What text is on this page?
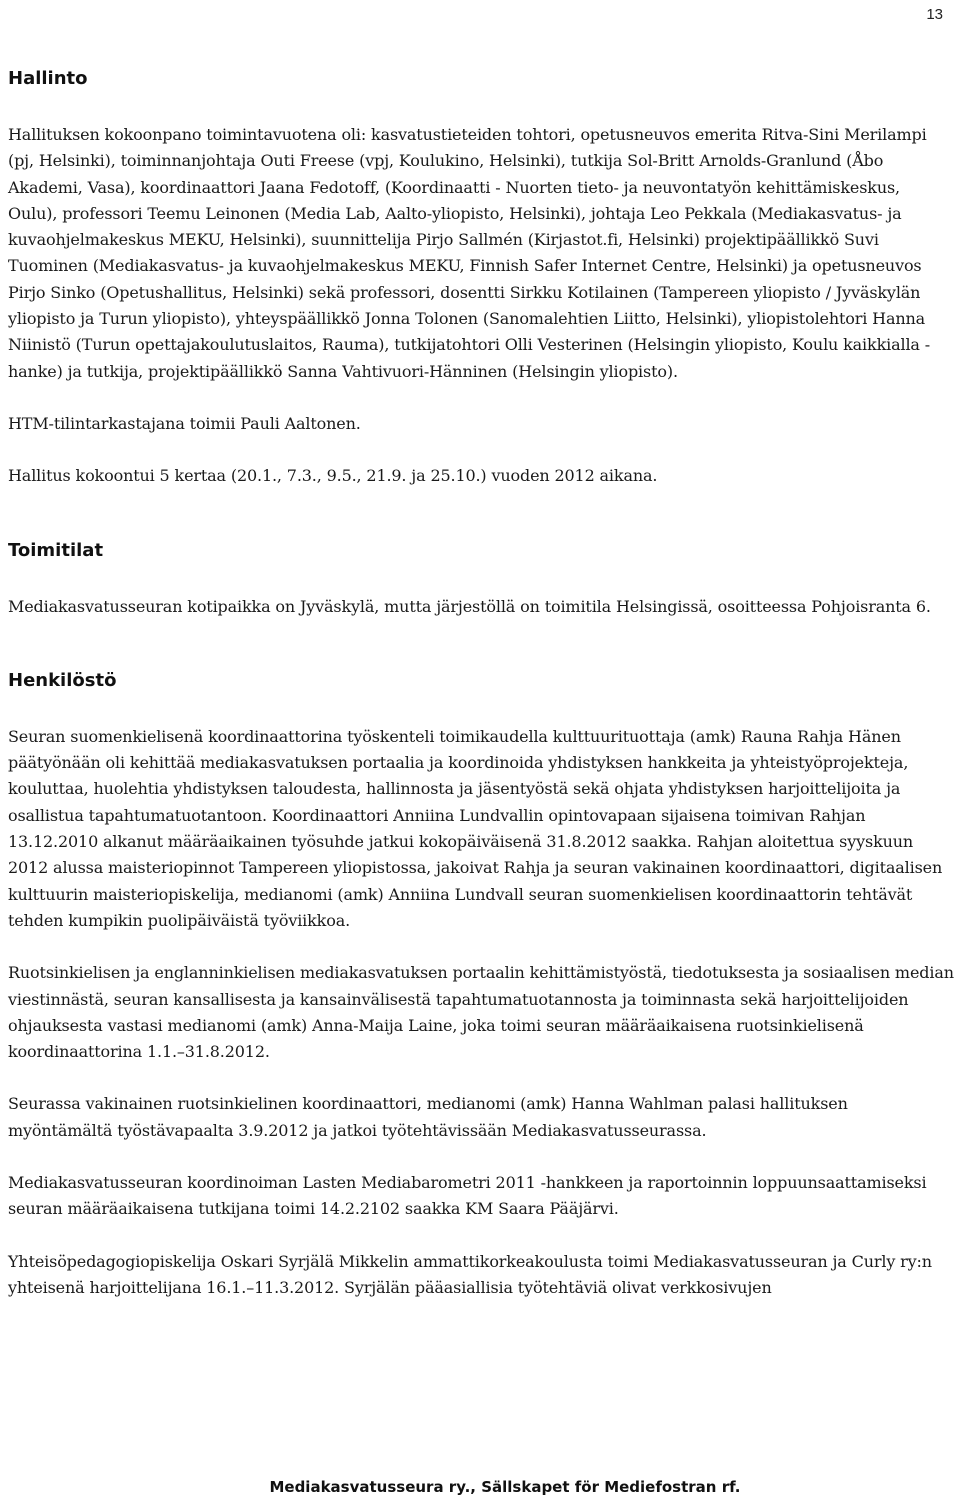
13
Hallinto

Hallituksen kokoonpano toimintavuotena oli: kasvatustieteiden tohtori, opetusneuvos emerita Ritva-Sini Merilampi (pj, Helsinki), toiminnanjohtaja Outi Freese (vpj, Koulukino, Helsinki), tutkija Sol-Britt Arnolds-Granlund (Åbo Akademi, Vasa), koordinaattori Jaana Fedotoff, (Koordinaatti - Nuorten tieto- ja neuvontatyön kehittämiskeskus, Oulu), professori Teemu Leinonen (Media Lab, Aalto-yliopisto, Helsinki), johtaja Leo Pekkala (Mediakasvatus- ja kuvaohjelmakeskus MEKU, Helsinki), suunnittelija Pirjo Sallmén (Kirjastot.fi, Helsinki) projektipäällikkö Suvi Tuominen (Mediakasvatus- ja kuvaohjelmakeskus MEKU, Finnish Safer Internet Centre, Helsinki) ja opetusneuvos Pirjo Sinko (Opetushallitus, Helsinki) sekä professori, dosentti Sirkku Kotilainen (Tampereen yliopisto / Jyväskylän yliopisto ja Turun yliopisto), yhteyspäällikkö Jonna Tolonen (Sanomalehtien Liitto, Helsinki), yliopistolehtori Hanna Niinistö (Turun opettajakoulutuslaitos, Rauma), tutkijatohtori Olli Vesterinen (Helsingin yliopisto, Koulu kaikkialla -hanke) ja tutkija, projektipäällikkö Sanna Vahtivuori-Hänninen (Helsingin yliopisto).

HTM-tilintarkastajana toimii Pauli Aaltonen.

Hallitus kokoontui 5 kertaa (20.1., 7.3., 9.5., 21.9. ja 25.10.) vuoden 2012 aikana.

Toimitilat

Mediakasvatusseuran kotipaikka on Jyväskylä, mutta järjestöllä on toimitila Helsingissä, osoitteessa Pohjoisranta 6.

Henkilöstö

Seuran suomenkielisenä koordinaattorina työskenteli toimikaudella kulttuurituottaja (amk) Rauna Rahja Hänen päätyönään oli kehittää mediakasvatuksen portaalia ja koordinoida yhdistyksen hankkeita ja yhteistyöprojekteja, kouluttaa, huolehtia yhdistyksen taloudesta, hallinnosta ja jäsentyöstä sekä ohjata yhdistyksen harjoittelijoita ja osallistua tapahtumatuotantoon. Koordinaattori Anniina Lundvallin opintovapaan sijaisena toimivan Rahjan 13.12.2010 alkanut määräaikainen työsuhde jatkui kokopäiväisenä 31.8.2012 saakka. Rahjan aloitettua syyskuun 2012 alussa maisteriopinnot Tampereen yliopistossa, jakoivat Rahja ja seuran vakinainen koordinaattori, digitaalisen kulttuurin maisteriopiskelija, medianomi (amk) Anniina Lundvall seuran suomenkielisen koordinaattorin tehtävät tehden kumpikin puolipäiväistä työviikkoa.

Ruotsinkielisen ja englanninkielisen mediakasvatuksen portaalin kehittämistyöstä, tiedotuksesta ja sosiaalisen median viestinnästä, seuran kansallisesta ja kansainvälisestä tapahtumatuotannosta ja toiminnasta sekä harjoittelijoiden ohjauksesta vastasi medianomi (amk) Anna-Maija Laine, joka toimi seuran määräaikaisena ruotsinkielisenä koordinaattorina 1.1.–31.8.2012.

Seurassa vakinainen ruotsinkielinen koordinaattori, medianomi (amk) Hanna Wahlman palasi hallituksen myöntämältä työstävapaalta 3.9.2012 ja jatkoi työtehtävissään Mediakasvatusseurassa.

Mediakasvatusseuran koordinoiman Lasten Mediabarometri 2011 -hankkeen ja raportoinnin loppuunsaattamiseksi seuran määräaikaisena tutkijana toimi 14.2.2102 saakka KM Saara Pääjärvi.

Yhteisöpedagogiopiskelija Oskari Syrjälä Mikkelin ammattikorkeakoulusta toimi Mediakasvatusseuran ja Curly ry:n yhteisenä harjoittelijana 16.1.–11.3.2012. Syrjälän pääasiallisia työtehtäviä olivat verkkosivujen

Mediakasvatusseura ry., Sällskapet för Mediefostran rf.
